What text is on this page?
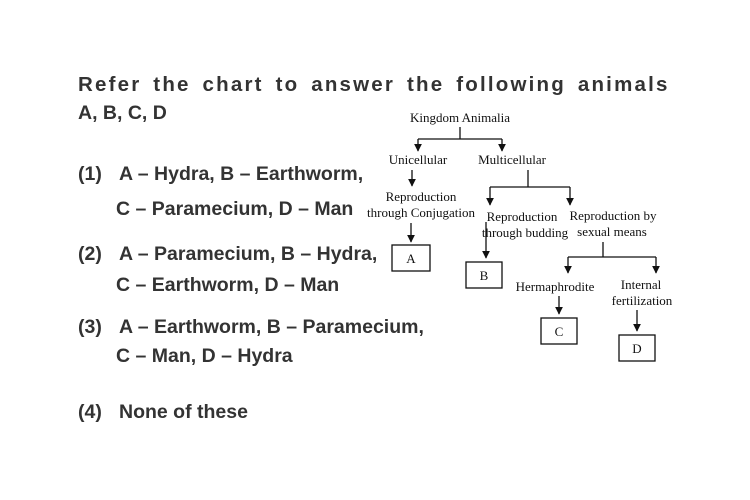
Refer the chart to answer the following animals

A, B, C, D

(1) A – Hydra, B – Earthworm,

C – Paramecium, D – Man

(2) A – Paramecium, B – Hydra,

C – Earthworm, D – Man

(3) A – Earthworm, B – Paramecium,

C – Man, D – Hydra

(4) None of these

Kingdom Animalia
Unicellular Multicellular
Reproduction
through Conjugation
A
Reproduction
through budding
Reproduction by
sexual means
B
Hermaphrodite Internal
fertilization
C
D
